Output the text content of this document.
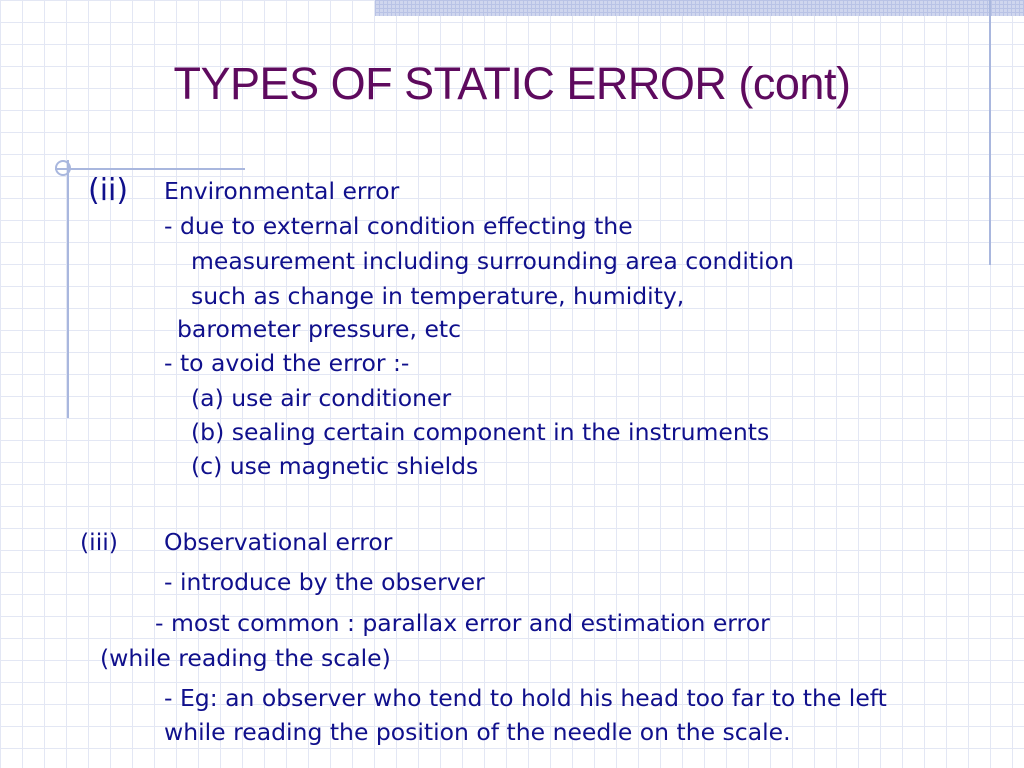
TYPES OF STATIC ERROR (cont)

(ii) Environmental error

- due to external condition effecting the

measurement including surrounding area condition

such as change in temperature, humidity,

barometer pressure, etc

- to avoid the error :-

(a) use air conditioner

(b) sealing certain component in the instruments

(c) use magnetic shields

(iii) Observational error

- introduce by the observer

- most common : parallax error and estimation error

(while reading the scale)

- Eg: an observer who tend to hold his head too far to the left

while reading the position of the needle on the scale.
